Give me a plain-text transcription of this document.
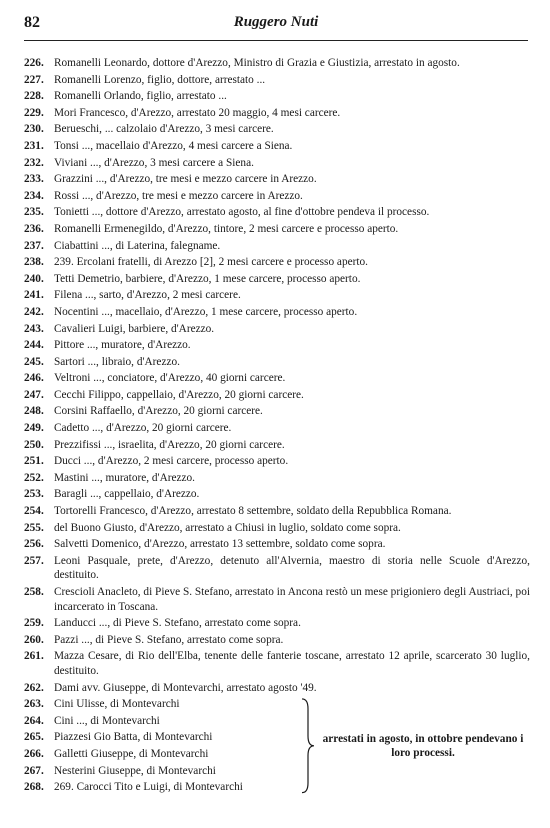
82	Ruggero Nuti
226. Romanelli Leonardo, dottore d'Arezzo, Ministro di Grazia e Giustizia, arrestato in agosto.
227. Romanelli Lorenzo, figlio, dottore, arrestato ...
228. Romanelli Orlando, figlio, arrestato ...
229. Mori Francesco, d'Arezzo, arrestato 20 maggio, 4 mesi carcere.
230. Berueschi, ... calzolaio d'Arezzo, 3 mesi carcere.
231. Tonsi ..., macellaio d'Arezzo, 4 mesi carcere a Siena.
232. Viviani ..., d'Arezzo, 3 mesi carcere a Siena.
233. Grazzini ..., d'Arezzo, tre mesi e mezzo carcere in Arezzo.
234. Rossi ..., d'Arezzo, tre mesi e mezzo carcere in Arezzo.
235. Tonietti ..., dottore d'Arezzo, arrestato agosto, al fine d'ottobre pendeva il processo.
236. Romanelli Ermenegildo, d'Arezzo, tintore, 2 mesi carcere e processo aperto.
237. Ciabattini ..., di Laterina, falegname.
238. 239. Ercolani fratelli, di Arezzo [2], 2 mesi carcere e processo aperto.
240. Tetti Demetrio, barbiere, d'Arezzo, 1 mese carcere, processo aperto.
241. Filena ..., sarto, d'Arezzo, 2 mesi carcere.
242. Nocentini ..., macellaio, d'Arezzo, 1 mese carcere, processo aperto.
243. Cavalieri Luigi, barbiere, d'Arezzo.
244. Pittore ..., muratore, d'Arezzo.
245. Sartori ..., libraio, d'Arezzo.
246. Veltroni ..., conciatore, d'Arezzo, 40 giorni carcere.
247. Cecchi Filippo, cappellaio, d'Arezzo, 20 giorni carcere.
248. Corsini Raffaello, d'Arezzo, 20 giorni carcere.
249. Cadetto ..., d'Arezzo, 20 giorni carcere.
250. Prezzifissi ..., israelita, d'Arezzo, 20 giorni carcere.
251. Ducci ..., d'Arezzo, 2 mesi carcere, processo aperto.
252. Mastini ..., muratore, d'Arezzo.
253. Baragli ..., cappellaio, d'Arezzo.
254. Tortorelli Francesco, d'Arezzo, arrestato 8 settembre, soldato della Repubblica Romana.
255. del Buono Giusto, d'Arezzo, arrestato a Chiusi in luglio, soldato come sopra.
256. Salvetti Domenico, d'Arezzo, arrestato 13 settembre, soldato come sopra.
257. Leoni Pasquale, prete, d'Arezzo, detenuto all'Alvernia, maestro di storia nelle Scuole d'Arezzo, destituito.
258. Crescioli Anacleto, di Pieve S. Stefano, arrestato in Ancona restò un mese prigioniero degli Austriaci, poi incarcerato in Toscana.
259. Landucci ..., di Pieve S. Stefano, arrestato come sopra.
260. Pazzi ..., di Pieve S. Stefano, arrestato come sopra.
261. Mazza Cesare, di Rio dell'Elba, tenente delle fanterie toscane, arrestato 12 aprile, scarcerato 30 luglio, destituito.
262. Dami avv. Giuseppe, di Montevarchi, arrestato agosto '49.
263. Cini Ulisse, di Montevarchi
264. Cini ..., di Montevarchi
265. Piazzesi Gio Batta, di Montevarchi
266. Galletti Giuseppe, di Montevarchi
267. Nesterini Giuseppe, di Montevarchi
268. 269. Carocci Tito e Luigi, di Montevarchi
arrestati in agosto, in ottobre pendevano i loro processi.
